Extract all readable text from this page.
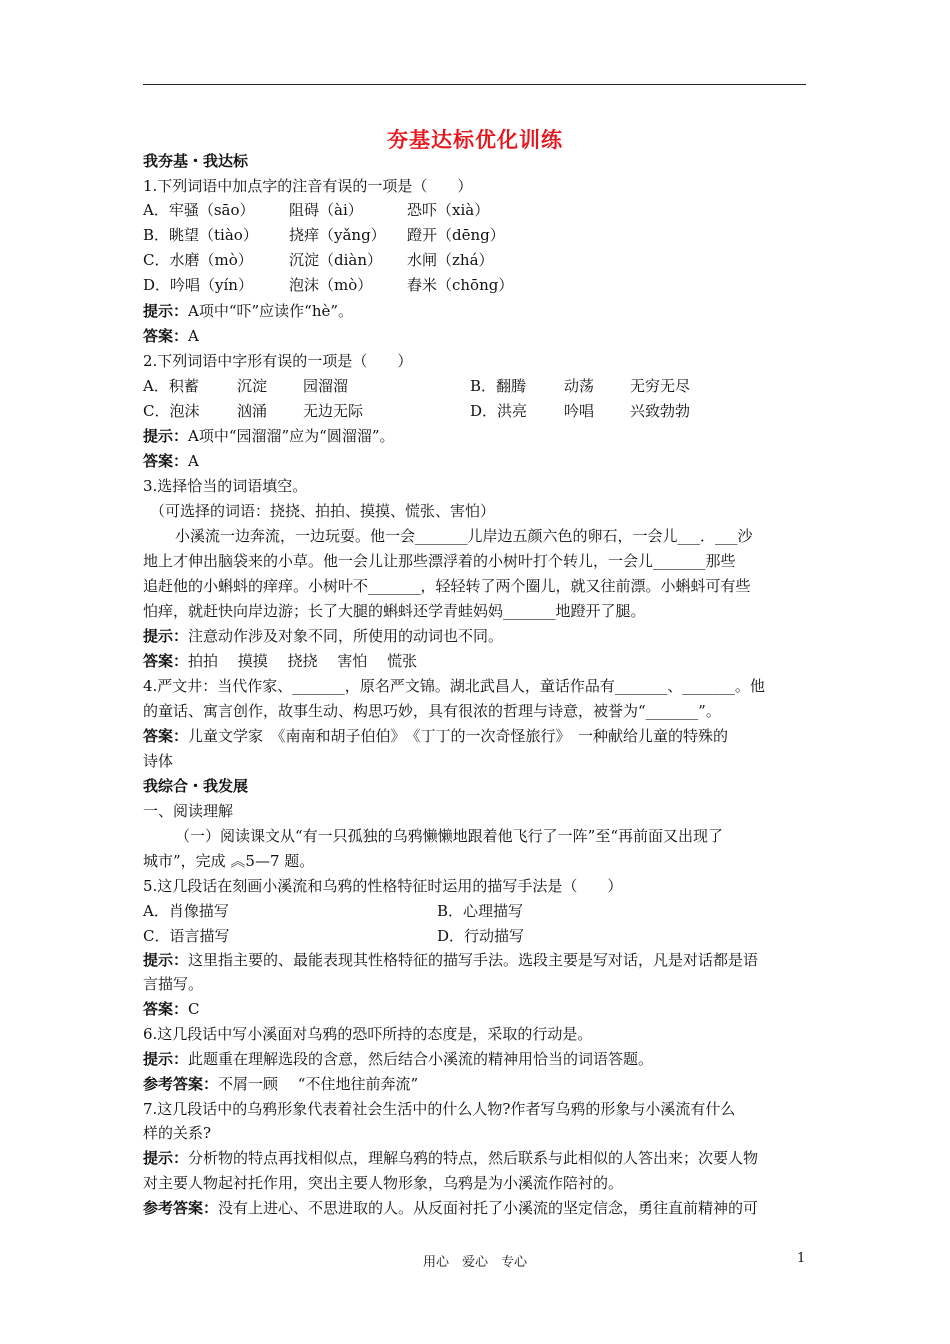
夯基达标优化训练
我夯基・我达标
1.下列词语中加点字的注音有误的一项是（　　）
A．牢骚（sāo） 阻碍（ài）	恐吓（xià）
B．眺望（tiào） 挠痒（yǎng） 蹬开（dēng）
C．水磨（mò） 沉淀（diàn） 水闸（zhá）
D．吟唱（yín） 泡沫（mò） 舂米（chōng）
提示：A项中“吓”应读作“hè”。
答案：A
2.下列词语中字形有误的一项是（　　）
A．积蓄	沉淀 园溜溜	B．翻腾	动荡 无穷无尽
C．泡沫	汹涌 无边无际	D．洪亮 吟唱 兴致勃勃
提示：A项中“园溜溜”应为“圆溜溜”。
答案：A
3.选择恰当的词语填空。
（可选择的词语：挠挠、拍拍、摸摸、慌张、害怕）
小溪流一边奔流，一边玩耍。他一会_______儿岸边五颜六色的卵石，一会儿___．___沙
地上才伸出脑袋来的小草。他一会儿让那些漂浮着的小树叶打个转儿，一会儿_______那些
追赶他的小蝌蚪的痒痒。小树叶不_______，轻轻转了两个圈儿，就又往前漂。小蝌蚪可有些
怕痒，就赶快向岸边游；长了大腿的蝌蚪还学青蛙妈妈_______地蹬开了腿。
提示：注意动作涉及对象不同，所使用的动词也不同。
答案：拍拍　 摸摸　 挠挠　 害怕　 慌张
4.严文井：当代作家、_______，原名严文锦。湖北武昌人，童话作品有_______、_______。他
的童话、寓言创作，故事生动、构思巧妙，具有很浓的哲理与诗意，被誉为“_______”。
答案：儿童文学家　《南南和胡子伯伯》　《丁丁的一次奇怪旅行》　一种献给儿童的特殊的
诗体
我综合・我发展
一、阅读理解
（一）阅读课文从“有一只孤独的乌鸦懒懒地跟着他飞行了一阵”至“再前面又出现了
城市”，完成 ︽5—7 题。
5.这几段话在刻画小溪流和乌鸦的性格特征时运用的描写手法是（　　）
A．肖像描写	B．心理描写
C．语言描写	D．行动描写
提示：这里指主要的、最能表现其性格特征的描写手法。选段主要是写对话，凡是对话都是语
言描写。
答案：C
6.这几段话中写小溪面对乌鸦的恐吓所持的态度是，采取的行动是。
提示：此题重在理解选段的含意，然后结合小溪流的精神用恰当的词语答题。
参考答案：不屑一顾　 “不住地往前奔流”
7.这几段话中的乌鸦形象代表着社会生活中的什么人物?作者写乌鸦的形象与小溪流有什么
样的关系?
提示：分析物的特点再找相似点，理解乌鸦的特点，然后联系与此相似的人答出来；次要人物
对主要人物起衬托作用，突出主要人物形象，乌鸦是为小溪流作陪衬的。
参考答案：没有上进心、不思进取的人。从反面衬托了小溪流的坚定信念，勇往直前精神的可
用心　爱心　专心	1
